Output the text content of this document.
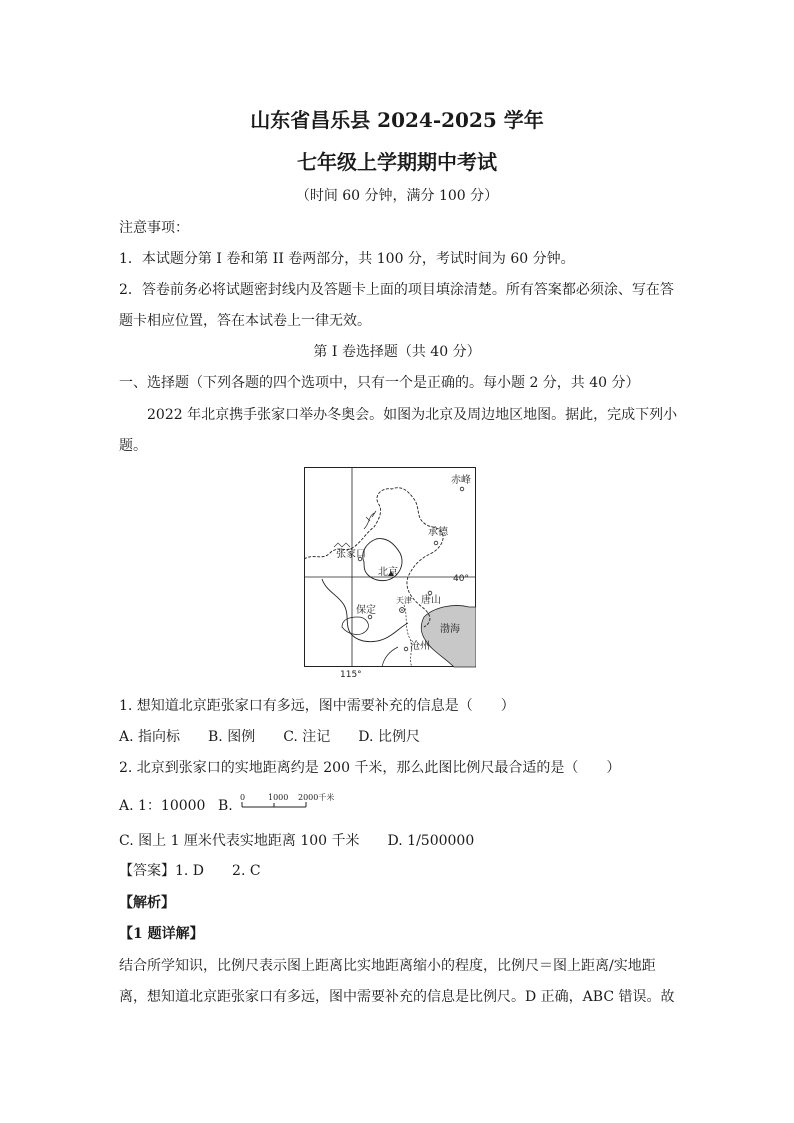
山东省昌乐县 2024-2025 学年
七年级上学期期中考试
（时间 60 分钟，满分 100 分）
注意事项：
1．本试题分第 I 卷和第 II 卷两部分，共 100 分，考试时间为 60 分钟。
2．答卷前务必将试题密封线内及答题卡上面的项目填涂清楚。所有答案都必须涂、写在答
题卡相应位置，答在本试卷上一律无效。
第 I 卷选择题（共 40 分）
一、选择题（下列各题的四个选项中，只有一个是正确的。每小题 2 分，共 40 分）
2022 年北京携手张家口举办冬奥会。如图为北京及周边地区地图。据此，完成下列小
题。
赤峰
承德
张家口
北京
40°
唐山
保定
天津
渤海
沧州
115°
1. 想知道北京距张家口有多远，图中需要补充的信息是（　　）
A. 指向标　　B. 图例　　C. 注记　　D. 比例尺
2. 北京到张家口的实地距离约是 200 千米，那么此图比例尺最合适的是（　　）
A. 1：10000 B.
0	1000 2000千米
C. 图上 1 厘米代表实地距离 100 千米　　D. 1/500000
【答案】1. D　　2. C
【解析】
【1 题详解】
结合所学知识，比例尺表示图上距离比实地距离缩小的程度，比例尺＝图上距离/实地距
离，想知道北京距张家口有多远，图中需要补充的信息是比例尺。D 正确，ABC 错误。故
